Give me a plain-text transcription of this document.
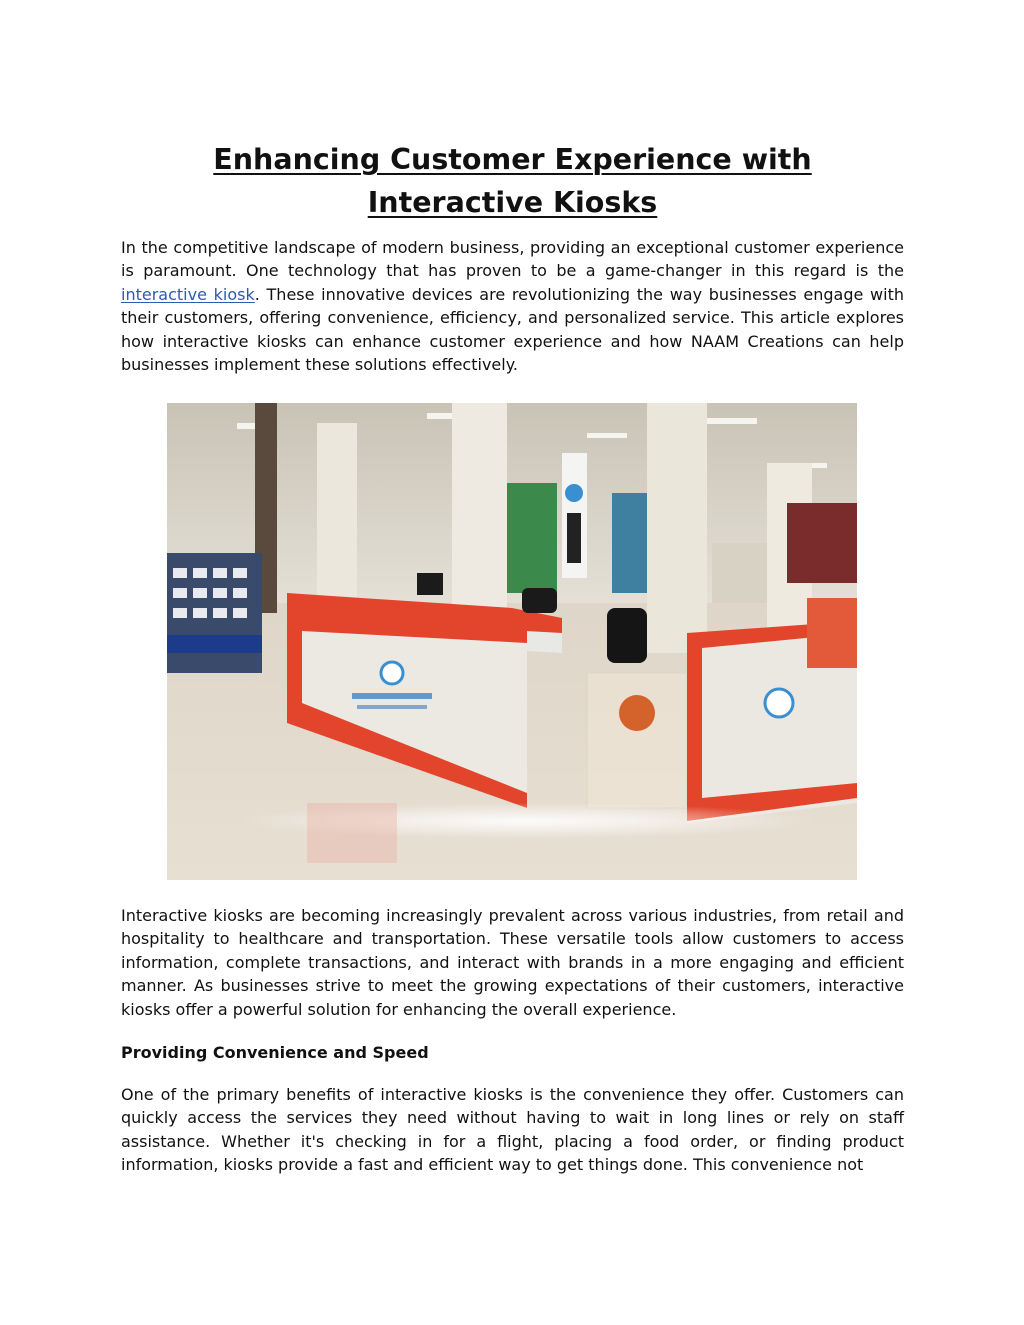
Enhancing Customer Experience with Interactive Kiosks

In the competitive landscape of modern business, providing an exceptional customer experience is paramount. One technology that has proven to be a game-changer in this regard is the interactive kiosk. These innovative devices are revolutionizing the way businesses engage with their customers, offering convenience, efficiency, and personalized service. This article explores how interactive kiosks can enhance customer experience and how NAAM Creations can help businesses implement these solutions effectively.

Interactive kiosks are becoming increasingly prevalent across various industries, from retail and hospitality to healthcare and transportation. These versatile tools allow customers to access information, complete transactions, and interact with brands in a more engaging and efficient manner. As businesses strive to meet the growing expectations of their customers, interactive kiosks offer a powerful solution for enhancing the overall experience.

Providing Convenience and Speed

One of the primary benefits of interactive kiosks is the convenience they offer. Customers can quickly access the services they need without having to wait in long lines or rely on staff assistance. Whether it's checking in for a flight, placing a food order, or finding product information, kiosks provide a fast and efficient way to get things done. This convenience not
